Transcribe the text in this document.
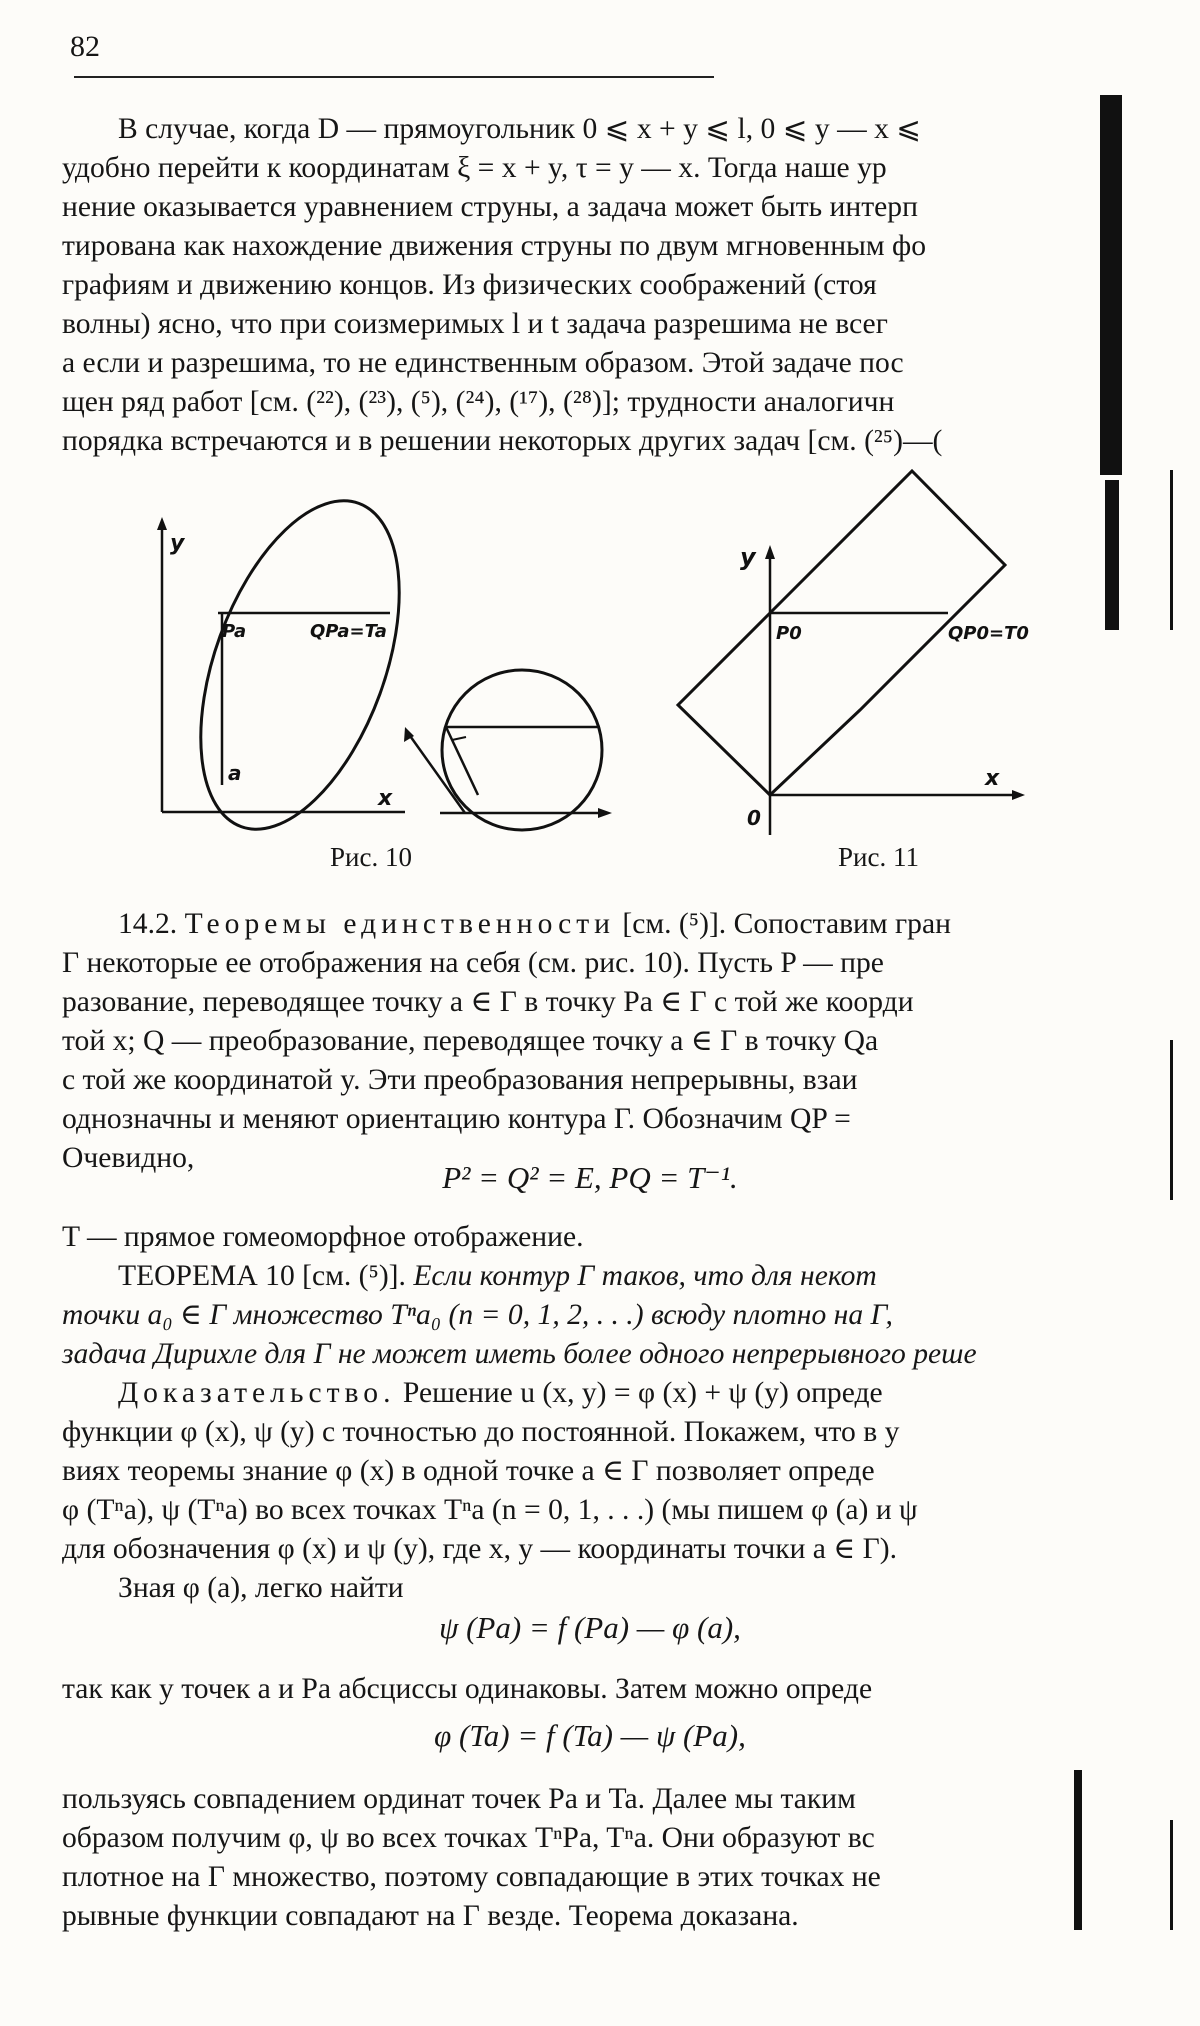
82
В случае, когда D — прямоугольник 0 ⩽ x + y ⩽ l, 0 ⩽ y — x ⩽
удобно перейти к координатам ξ = x + y, τ = y — x. Тогда наше ур
нение оказывается уравнением струны, а задача может быть интерп
тирована как нахождение движения струны по двум мгновенным фо
графиям и движению концов. Из физических соображений (стоя
волны) ясно, что при соизмеримых l и t задача разрешима не всег
а если и разрешима, то не единственным образом. Этой задаче пос
щен ряд работ [см. (²²), (²³), (⁵), (²⁴), (¹⁷), (²⁸)]; трудности аналогичн
порядка встречаются и в решении некоторых других задач [см. (²⁵)—(
y
x
Pa	QPa=Ta
a
y
x
P0	QP0=T0
0
Рис. 10	Рис. 11
14.2. Теоремы единственности [см. (⁵)]. Сопоставим гран
Г некоторые ее отображения на себя (см. рис. 10). Пусть P — пре
разование, переводящее точку a ∈ Г в точку Pa ∈ Г с той же коорди
той x; Q — преобразование, переводящее точку a ∈ Г в точку Qa
с той же координатой y. Эти преобразования непрерывны, взаи
однозначны и меняют ориентацию контура Г. Обозначим QP =
Очевидно,
P² = Q² = E, PQ = T⁻¹.
T — прямое гомеоморфное отображение.
ТЕОРЕМА 10 [см. (⁵)]. Если контур Г таков, что для некот
точки a₀ ∈ Г множество Tⁿa₀ (n = 0, 1, 2, . . .) всюду плотно на Г,
задача Дирихле для Г не может иметь более одного непрерывного реше
Доказательство. Решение u (x, y) = φ (x) + ψ (y) опреде
функции φ (x), ψ (y) с точностью до постоянной. Покажем, что в у
виях теоремы знание φ (x) в одной точке a ∈ Г позволяет опреде
φ (Tⁿa), ψ (Tⁿa) во всех точках Tⁿa (n = 0, 1, . . .) (мы пишем φ (a) и ψ
для обозначения φ (x) и ψ (y), где x, y — координаты точки a ∈ Г).
Зная φ (a), легко найти
ψ (Pa) = f (Pa) — φ (a),
так как у точек a и Pa абсциссы одинаковы. Затем можно опреде
φ (Ta) = f (Ta) — ψ (Pa),
пользуясь совпадением ординат точек Pa и Ta. Далее мы таким
образом получим φ, ψ во всех точках TⁿPa, Tⁿa. Они образуют вс
плотное на Г множество, поэтому совпадающие в этих точках не
рывные функции совпадают на Г везде. Теорема доказана.
